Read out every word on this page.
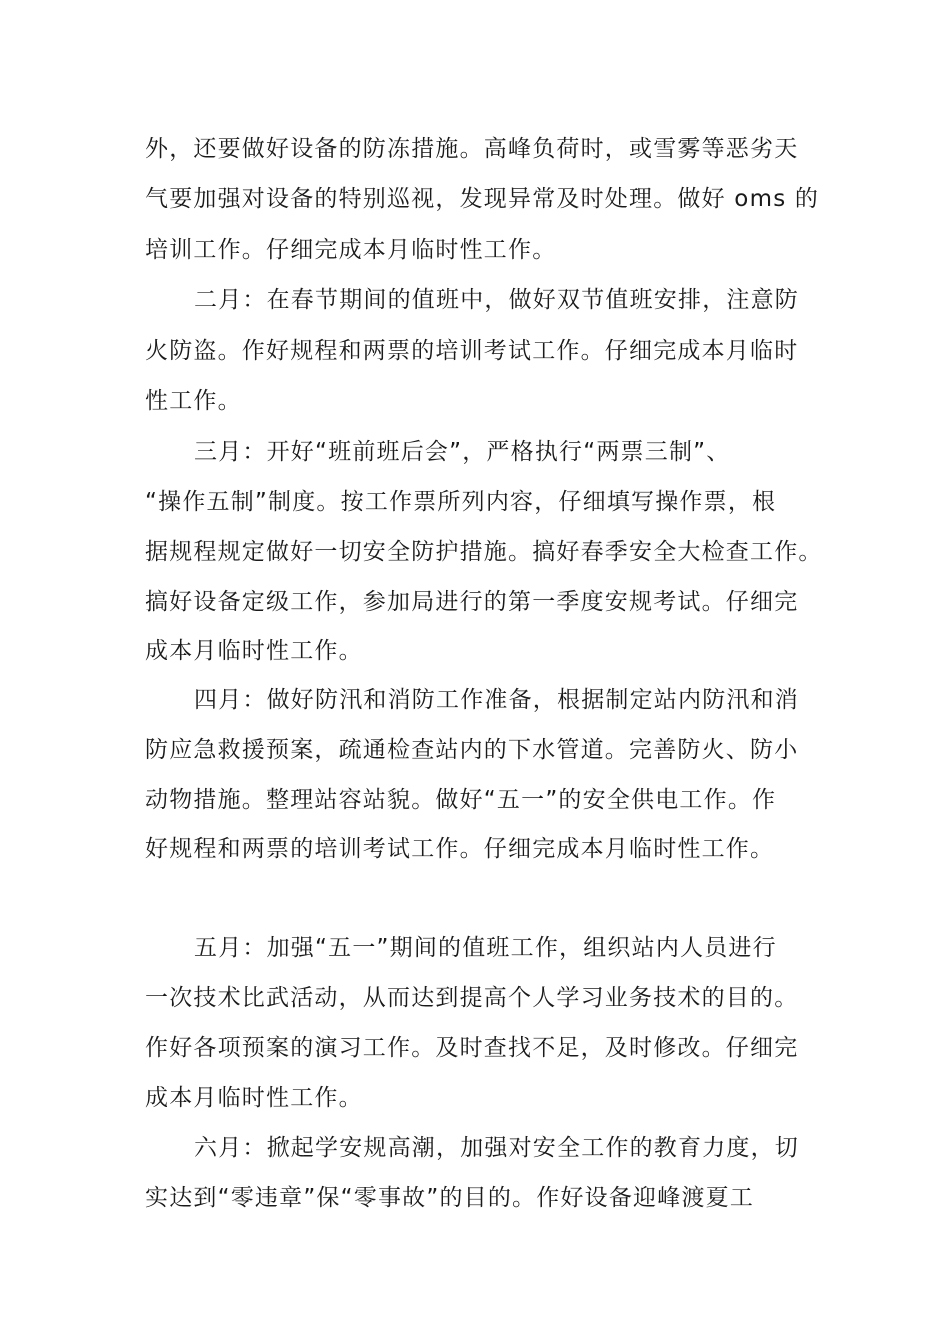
外，还要做好设备的防冻措施。高峰负荷时，或雪雾等恶劣天
气要加强对设备的特别巡视，发现异常及时处理。做好 oms 的
培训工作。仔细完成本月临时性工作。
二月：在春节期间的值班中，做好双节值班安排，注意防
火防盗。作好规程和两票的培训考试工作。仔细完成本月临时
性工作。
三月：开好“班前班后会”，严格执行“两票三制”、
“操作五制”制度。按工作票所列内容，仔细填写操作票，根
据规程规定做好一切安全防护措施。搞好春季安全大检查工作。
搞好设备定级工作，参加局进行的第一季度安规考试。仔细完
成本月临时性工作。
四月：做好防汛和消防工作准备，根据制定站内防汛和消
防应急救援预案，疏通检查站内的下水管道。完善防火、防小
动物措施。整理站容站貌。做好“五一”的安全供电工作。作
好规程和两票的培训考试工作。仔细完成本月临时性工作。
五月：加强“五一”期间的值班工作，组织站内人员进行
一次技术比武活动，从而达到提高个人学习业务技术的目的。
作好各项预案的演习工作。及时查找不足，及时修改。仔细完
成本月临时性工作。
六月：掀起学安规高潮，加强对安全工作的教育力度，切
实达到“零违章”保“零事故”的目的。作好设备迎峰渡夏工
